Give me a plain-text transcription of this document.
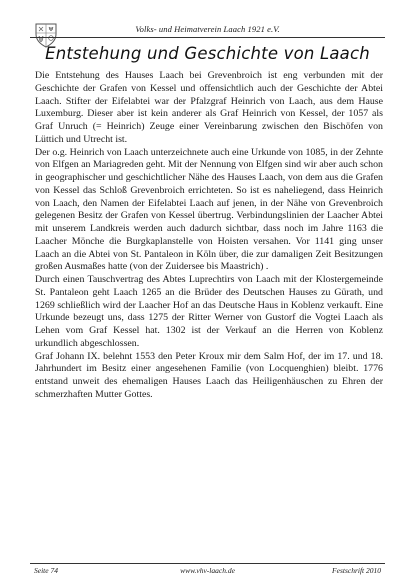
Volks- und Heimatverein Laach 1921 e.V.
Entstehung und Geschichte von Laach

Die Entstehung des Hauses Laach bei Grevenbroich ist eng verbunden mit der Geschichte der Grafen von Kessel und offensichtlich auch der Geschichte der Abtei Laach. Stifter der Eifelabtei war der Pfalzgraf Heinrich von Laach, aus dem Hause Luxemburg. Dieser aber ist kein anderer als Graf Heinrich von Kessel, der 1057 als Graf Unruch (= Heinrich) Zeuge einer Vereinbarung zwischen den Bischöfen von Lüttich und Utrecht ist.

Der o.g. Heinrich von Laach unterzeichnete auch eine Urkunde von 1085, in der Zehnte von Elfgen an Mariagreden geht. Mit der Nennung von Elfgen sind wir aber auch schon in geographischer und geschichtlicher Nähe des Hauses Laach, von dem aus die Grafen von Kessel das Schloß Grevenbroich errichteten. So ist es naheliegend, dass Heinrich von Laach, den Namen der Eifelabtei Laach auf jenen, in der Nähe von Grevenbroich gelegenen Besitz der Grafen von Kessel übertrug. Verbindungslinien der Laacher Abtei mit unserem Landkreis werden auch dadurch sichtbar, dass noch im Jahre 1163 die Laacher Mönche die Burgkaplanstelle von Hoisten versahen. Vor 1141 ging unser Laach an die Abtei von St. Pantaleon in Köln über, die zur damaligen Zeit Besitzungen großen Ausmaßes hatte (von der Zuidersee bis Maastrich) .

Durch einen Tauschvertrag des Abtes Luprechtirs von Laach mit der Klostergemeinde St. Pantaleon geht Laach 1265 an die Brüder des Deutschen Hauses zu Gürath, und 1269 schließlich wird der Laacher Hof an das Deutsche Haus in Koblenz verkauft. Eine Urkunde bezeugt uns, dass 1275 der Ritter Werner von Gustorf die Vogtei Laach als Lehen vom Graf Kessel hat. 1302 ist der Verkauf an die Herren von Koblenz urkundlich abgeschlossen.

Graf Johann IX. belehnt 1553 den Peter Kroux mir dem Salm Hof, der im 17. und 18. Jahrhundert im Besitz einer angesehenen Familie (von Locquenghien) bleibt. 1776 entstand unweit des ehemaligen Hauses Laach das Heiligenhäuschen zu Ehren der schmerzhaften Mutter Gottes.

Seite 74	www.vhv-laach.de	Festschrift 2010
